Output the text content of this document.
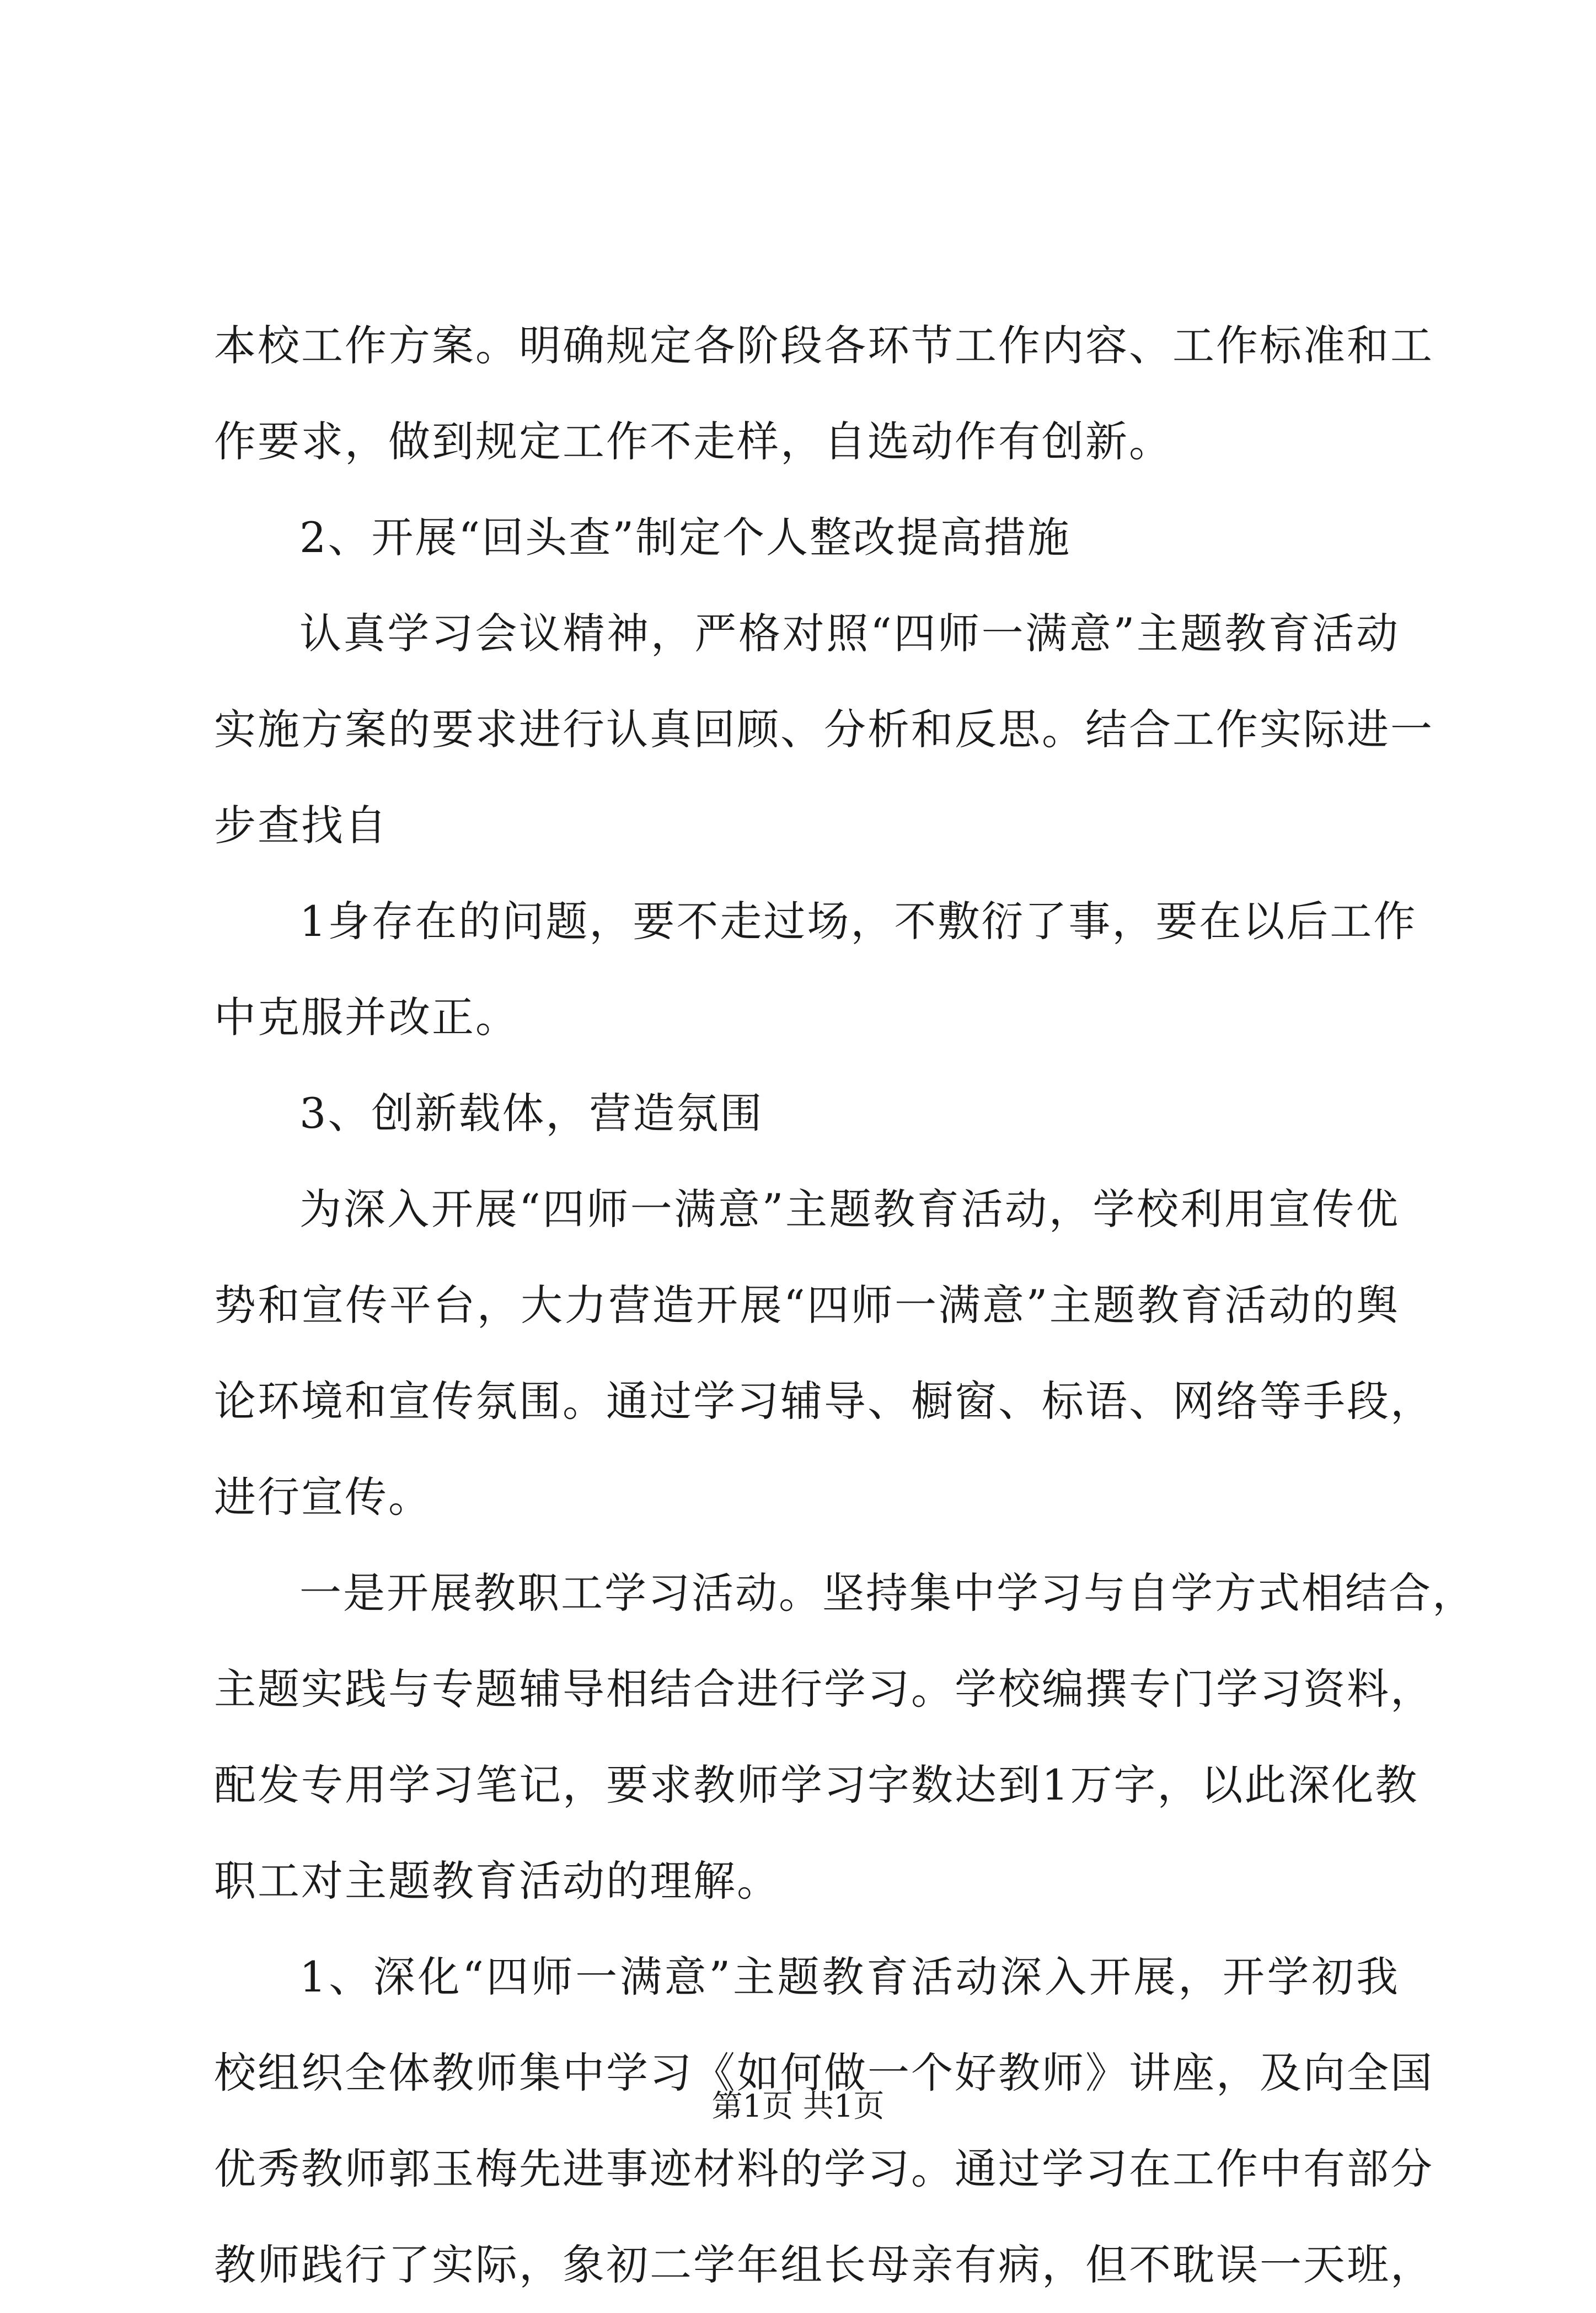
本校工作方案。明确规定各阶段各环节工作内容、工作标准和工
作要求，做到规定工作不走样，自选动作有创新。
2、开展“回头查”制定个人整改提高措施
认真学习会议精神，严格对照“四师一满意”主题教育活动
实施方案的要求进行认真回顾、分析和反思。结合工作实际进一
步查找自
1身存在的问题，要不走过场，不敷衍了事，要在以后工作
中克服并改正。
3、创新载体，营造氛围
为深入开展“四师一满意”主题教育活动，学校利用宣传优
势和宣传平台，大力营造开展“四师一满意”主题教育活动的舆
论环境和宣传氛围。通过学习辅导、橱窗、标语、网络等手段，
进行宣传。
一是开展教职工学习活动。坚持集中学习与自学方式相结合，
主题实践与专题辅导相结合进行学习。学校编撰专门学习资料，
配发专用学习笔记，要求教师学习字数达到1万字，以此深化教
职工对主题教育活动的理解。
1、深化“四师一满意”主题教育活动深入开展，开学初我
校组织全体教师集中学习《如何做一个好教师》讲座，及向全国
优秀教师郭玉梅先进事迹材料的学习。通过学习在工作中有部分
教师践行了实际，象初二学年组长母亲有病，但不耽误一天班，
第1页 共1页
